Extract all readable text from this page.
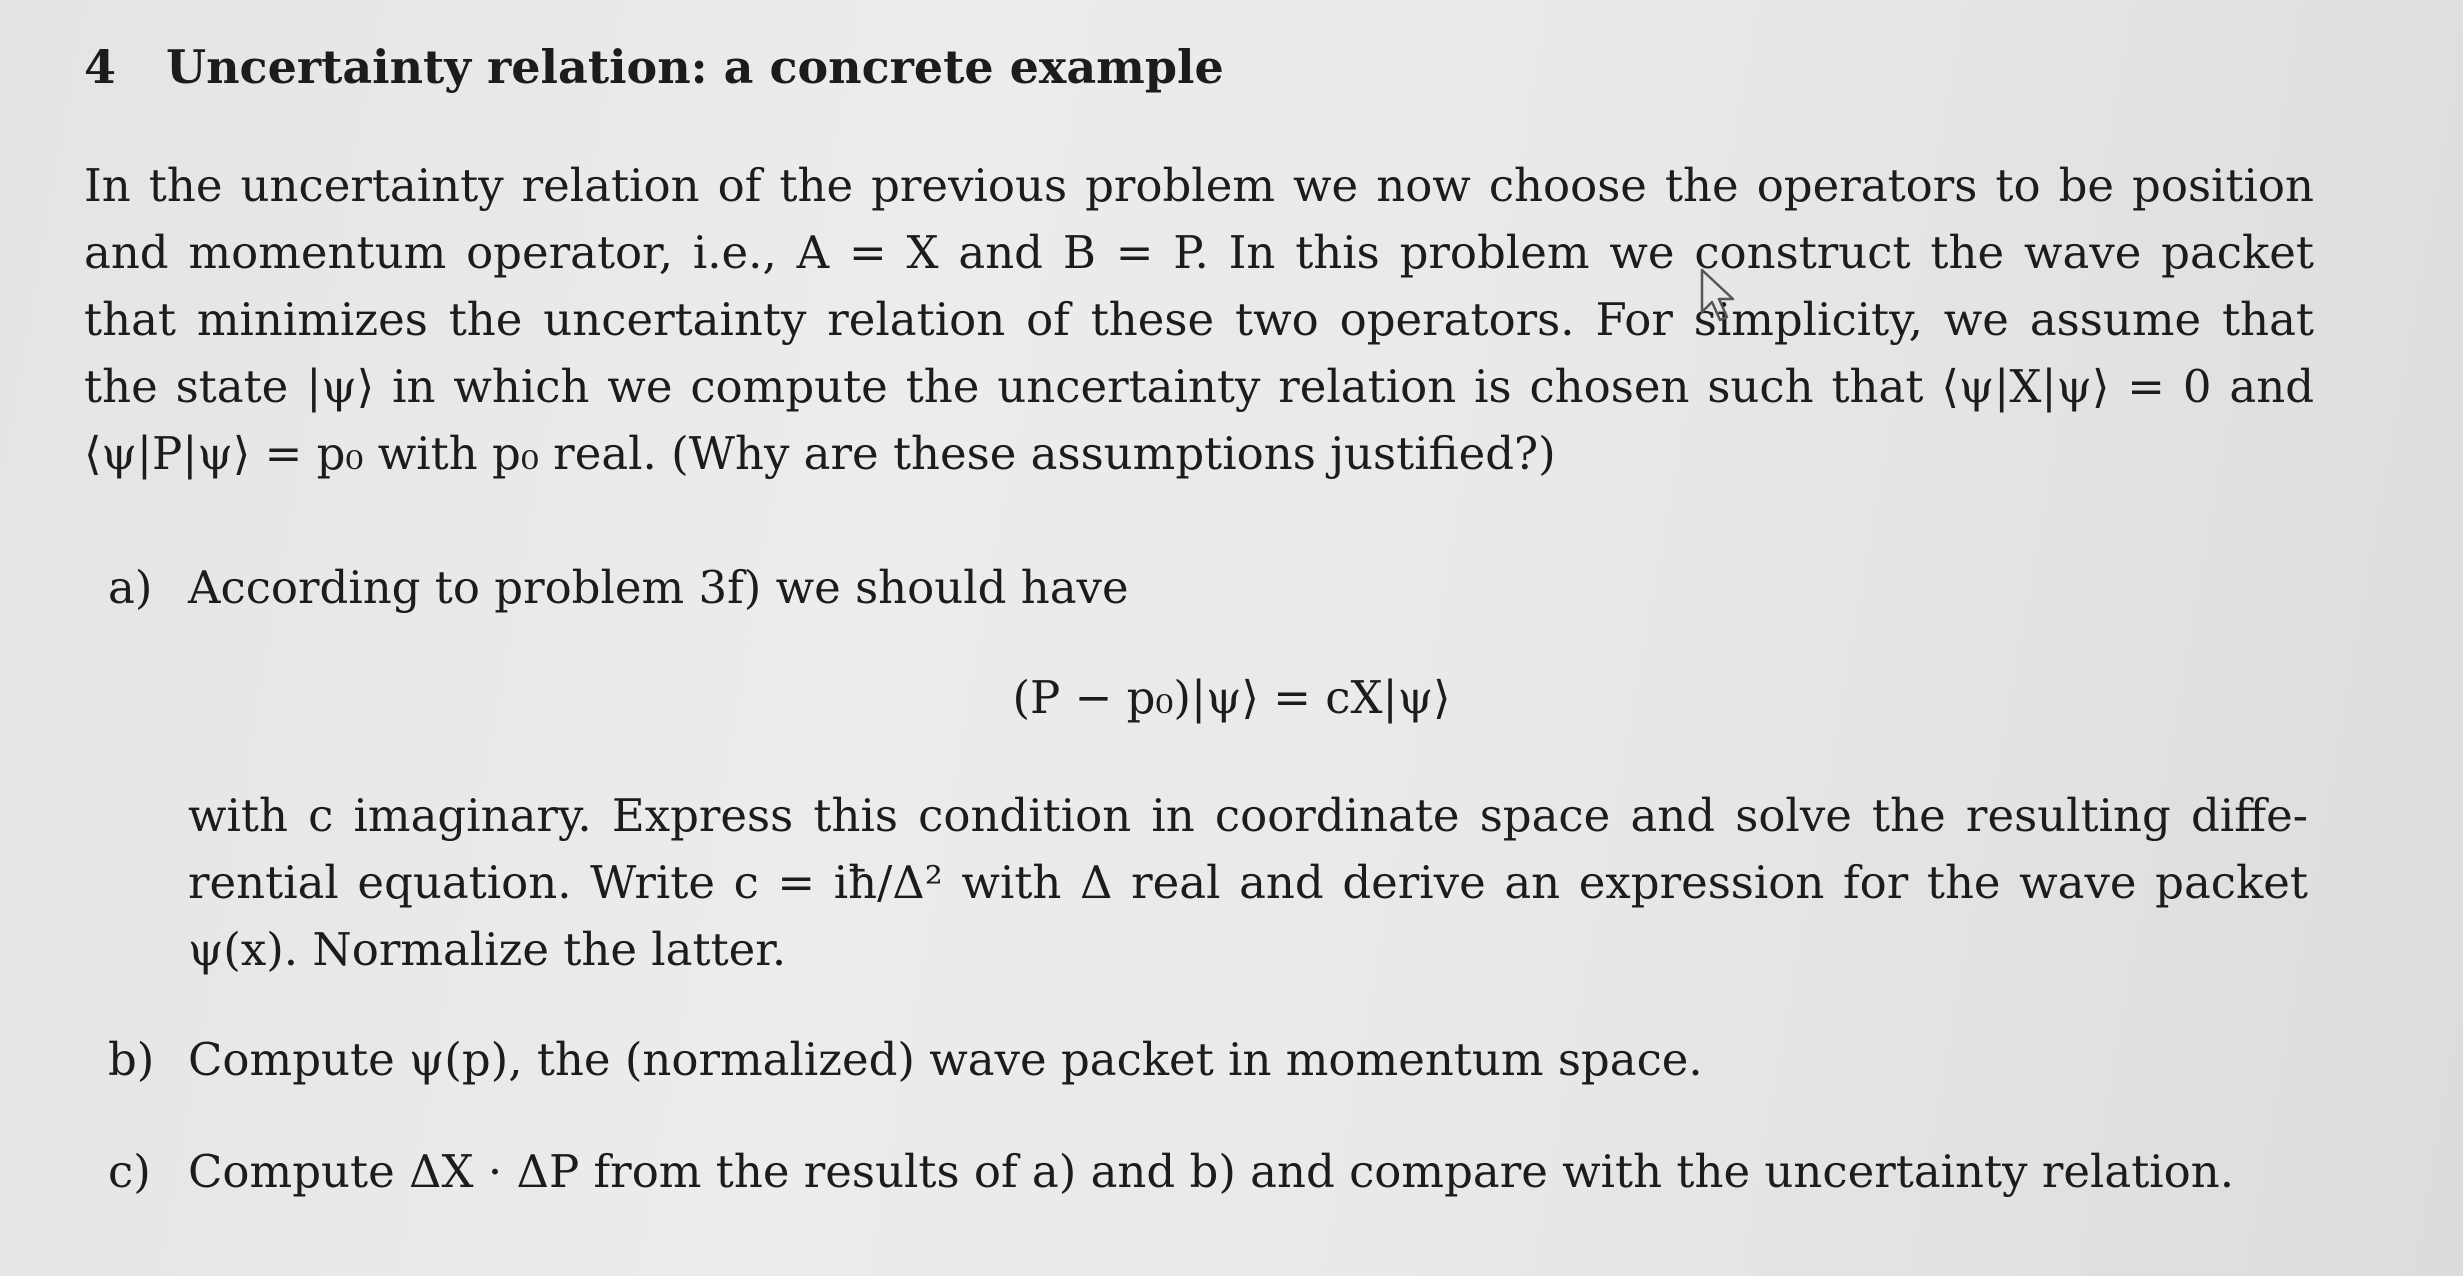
4 Uncertainty relation: a concrete example
In the uncertainty relation of the previous problem we now choose the operators to be position
and momentum operator, i.e., A = X and B = P. In this problem we construct the wave packet
that minimizes the uncertainty relation of these two operators. For simplicity, we assume that
the state |ψ⟩ in which we compute the uncertainty relation is chosen such that ⟨ψ|X|ψ⟩ = 0 and
⟨ψ|P|ψ⟩ = p₀ with p₀ real. (Why are these assumptions justified?)
a) According to problem 3f) we should have
(P − p₀)|ψ⟩ = cX|ψ⟩
with c imaginary. Express this condition in coordinate space and solve the resulting diffe-
rential equation. Write c = iħ/Δ² with Δ real and derive an expression for the wave packet
ψ(x). Normalize the latter.
b) Compute ψ(p), the (normalized) wave packet in momentum space.
c) Compute ΔX · ΔP from the results of a) and b) and compare with the uncertainty relation.
